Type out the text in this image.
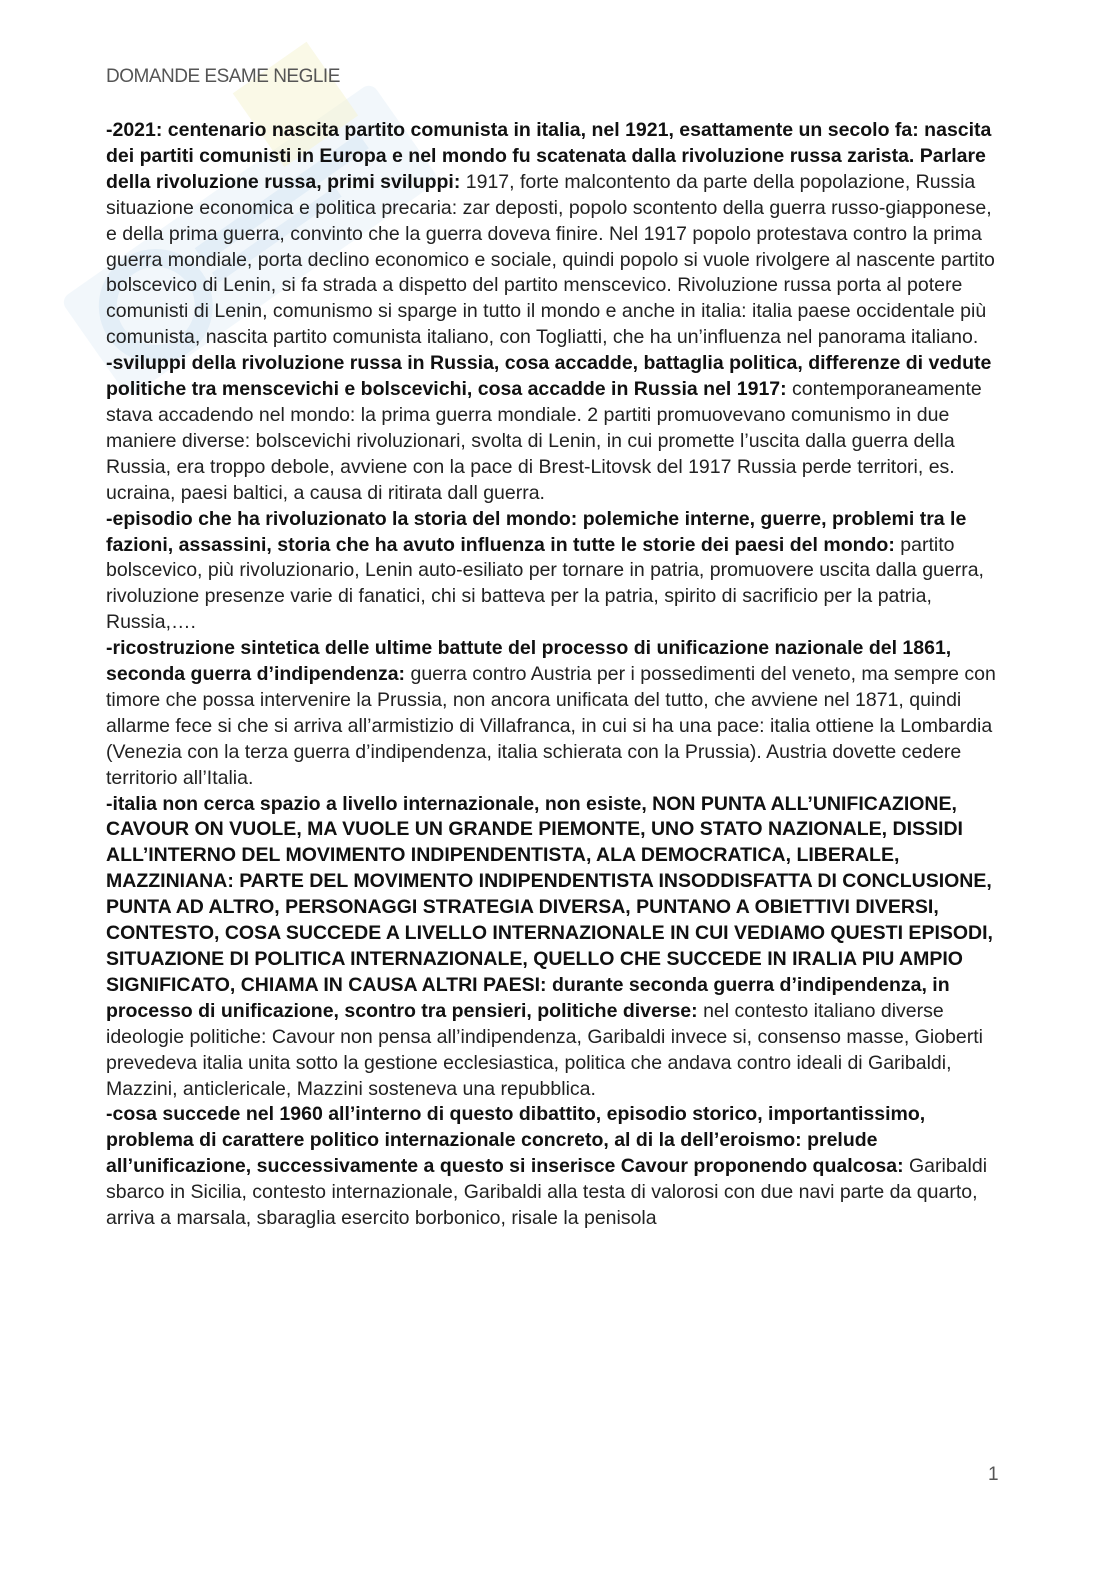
DOMANDE ESAME NEGLIE

-2021: centenario nascita partito comunista in italia, nel 1921, esattamente un secolo fa: nascita dei partiti comunisti in Europa e nel mondo fu scatenata dalla rivoluzione russa zarista. Parlare della rivoluzione russa, primi sviluppi: 1917, forte malcontento da parte della popolazione, Russia situazione economica e politica precaria: zar deposti, popolo scontento della guerra russo-giapponese, e della prima guerra, convinto che la guerra doveva finire. Nel 1917 popolo protestava contro la prima guerra mondiale, porta declino economico e sociale, quindi popolo si vuole rivolgere al nascente partito bolscevico di Lenin, si fa strada a dispetto del partito menscevico. Rivoluzione russa porta al potere comunisti di Lenin, comunismo si sparge in tutto il mondo e anche in italia: italia paese occidentale più comunista, nascita partito comunista italiano, con Togliatti, che ha un’influenza nel panorama italiano.

-sviluppi della rivoluzione russa in Russia, cosa accadde, battaglia politica, differenze di vedute politiche tra menscevichi e bolscevichi, cosa accadde in Russia nel 1917: contemporaneamente stava accadendo nel mondo: la prima guerra mondiale. 2 partiti promuovevano comunismo in due maniere diverse: bolscevichi rivoluzionari, svolta di Lenin, in cui promette l’uscita dalla guerra della Russia, era troppo debole, avviene con la pace di Brest-Litovsk del 1917 Russia perde territori, es. ucraina, paesi baltici, a causa di ritirata dall guerra.

-episodio che ha rivoluzionato la storia del mondo: polemiche interne, guerre, problemi tra le fazioni, assassini, storia che ha avuto influenza in tutte le storie dei paesi del mondo: partito bolscevico, più rivoluzionario, Lenin auto-esiliato per tornare in patria, promuovere uscita dalla guerra, rivoluzione presenze varie di fanatici, chi si batteva per la patria, spirito di sacrificio per la patria, Russia,….

-ricostruzione sintetica delle ultime battute del processo di unificazione nazionale del 1861, seconda guerra d’indipendenza: guerra contro Austria per i possedimenti del veneto, ma sempre con timore che possa intervenire la Prussia, non ancora unificata del tutto, che avviene nel 1871, quindi allarme fece si che si arriva all’armistizio di Villafranca, in cui si ha una pace: italia ottiene la Lombardia (Venezia con la terza guerra d’indipendenza, italia schierata con la Prussia). Austria dovette cedere territorio all’Italia.

-italia non cerca spazio a livello internazionale, non esiste, NON PUNTA ALL’UNIFICAZIONE, CAVOUR ON VUOLE, MA VUOLE UN GRANDE PIEMONTE, UNO STATO NAZIONALE, DISSIDI ALL’INTERNO DEL MOVIMENTO INDIPENDENTISTA, ALA DEMOCRATICA, LIBERALE, MAZZINIANA: PARTE DEL MOVIMENTO INDIPENDENTISTA INSODDISFATTA DI CONCLUSIONE, PUNTA AD ALTRO, PERSONAGGI STRATEGIA DIVERSA, PUNTANO A OBIETTIVI DIVERSI, CONTESTO, COSA SUCCEDE A LIVELLO INTERNAZIONALE IN CUI VEDIAMO QUESTI EPISODI, SITUAZIONE DI POLITICA INTERNAZIONALE, QUELLO CHE SUCCEDE IN IRALIA PIU AMPIO SIGNIFICATO, CHIAMA IN CAUSA ALTRI PAESI: durante seconda guerra d’indipendenza, in processo di unificazione, scontro tra pensieri, politiche diverse: nel contesto italiano diverse ideologie politiche: Cavour non pensa all’indipendenza, Garibaldi invece si, consenso masse, Gioberti prevedeva italia unita sotto la gestione ecclesiastica, politica che andava contro ideali di Garibaldi, Mazzini, anticlericale, Mazzini sosteneva una repubblica.

-cosa succede nel 1960 all’interno di questo dibattito, episodio storico, importantissimo, problema di carattere politico internazionale concreto, al di la dell’eroismo: prelude all’unificazione, successivamente a questo si inserisce Cavour proponendo qualcosa: Garibaldi sbarco in Sicilia, contesto internazionale, Garibaldi alla testa di valorosi con due navi parte da quarto, arriva a marsala, sbaraglia esercito borbonico, risale la penisola

1
